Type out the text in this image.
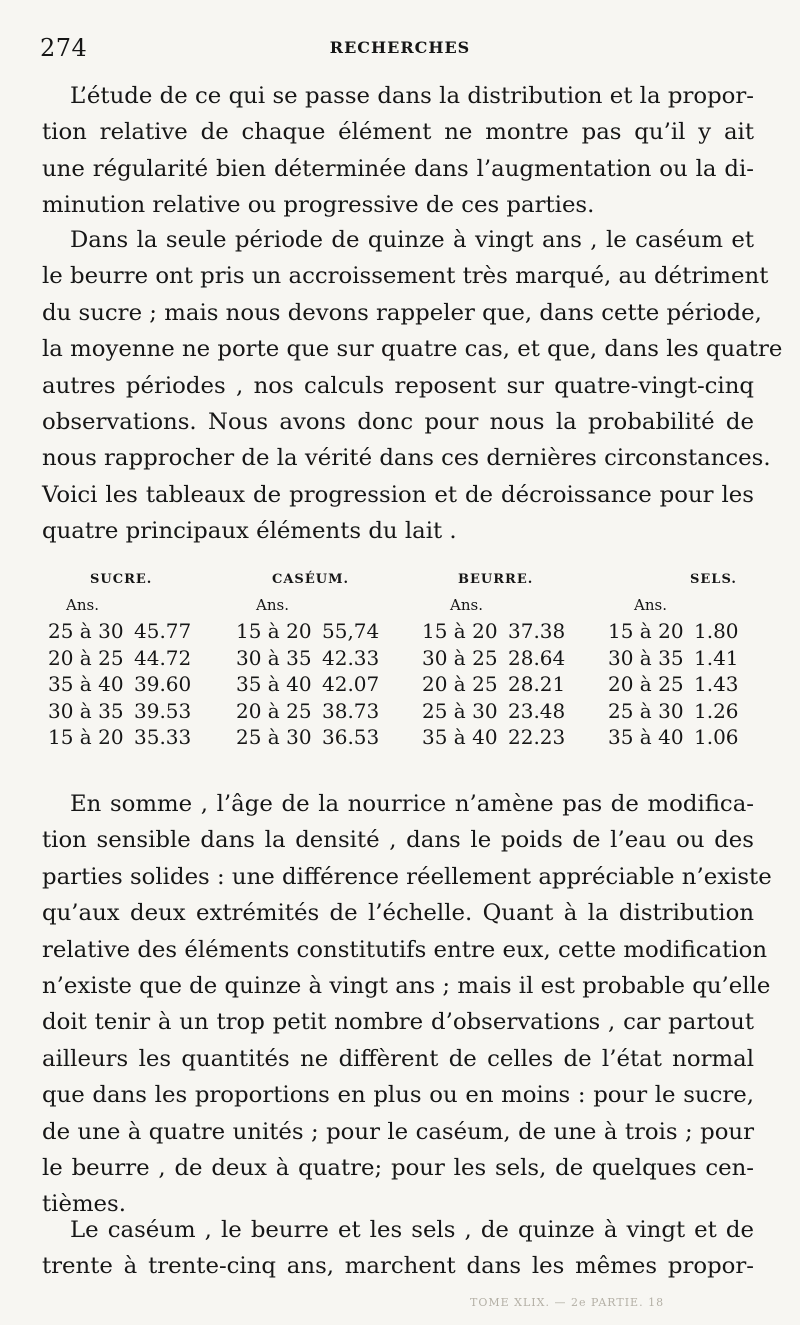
274	RECHERCHES
L’étude de ce qui se passe dans la distribution et la propor-
tion relative de chaque élément ne montre pas qu’il y ait
une régularité bien déterminée dans l’augmentation ou la di-
minution relative ou progressive de ces parties.
Dans la seule période de quinze à vingt ans , le caséum et
le beurre ont pris un accroissement très marqué, au détriment
du sucre ; mais nous devons rappeler que, dans cette période,
la moyenne ne porte que sur quatre cas, et que, dans les quatre
autres périodes , nos calculs reposent sur quatre-vingt-cinq
observations. Nous avons donc pour nous la probabilité de
nous rapprocher de la vérité dans ces dernières circonstances.
Voici les tableaux de progression et de décroissance pour les
quatre principaux éléments du lait .
SUCRE.
Ans.
25 à 30 45.77
20 à 25 44.72
35 à 40 39.60
30 à 35 39.53
15 à 20 35.33
CASÉUM.
Ans.
15 à 20 55,74
30 à 35 42.33
35 à 40 42.07
20 à 25 38.73
25 à 30 36.53
BEURRE.
Ans.
15 à 20 37.38
30 à 25 28.64
20 à 25 28.21
25 à 30 23.48
35 à 40 22.23
SELS.
Ans.
15 à 20 1.80
30 à 35 1.41
20 à 25 1.43
25 à 30 1.26
35 à 40 1.06
En somme , l’âge de la nourrice n’amène pas de modifica-
tion sensible dans la densité , dans le poids de l’eau ou des
parties solides : une différence réellement appréciable n’existe
qu’aux deux extrémités de l’échelle. Quant à la distribution
relative des éléments constitutifs entre eux, cette modification
n’existe que de quinze à vingt ans ; mais il est probable qu’elle
doit tenir à un trop petit nombre d’observations , car partout
ailleurs les quantités ne diffèrent de celles de l’état normal
que dans les proportions en plus ou en moins : pour le sucre,
de une à quatre unités ; pour le caséum, de une à trois ; pour
le beurre , de deux à quatre; pour les sels, de quelques cen-
tièmes.
Le caséum , le beurre et les sels , de quinze à vingt et de
trente à trente-cinq ans, marchent dans les mêmes propor-
TOME XLIX. — 2e PARTIE. 18
